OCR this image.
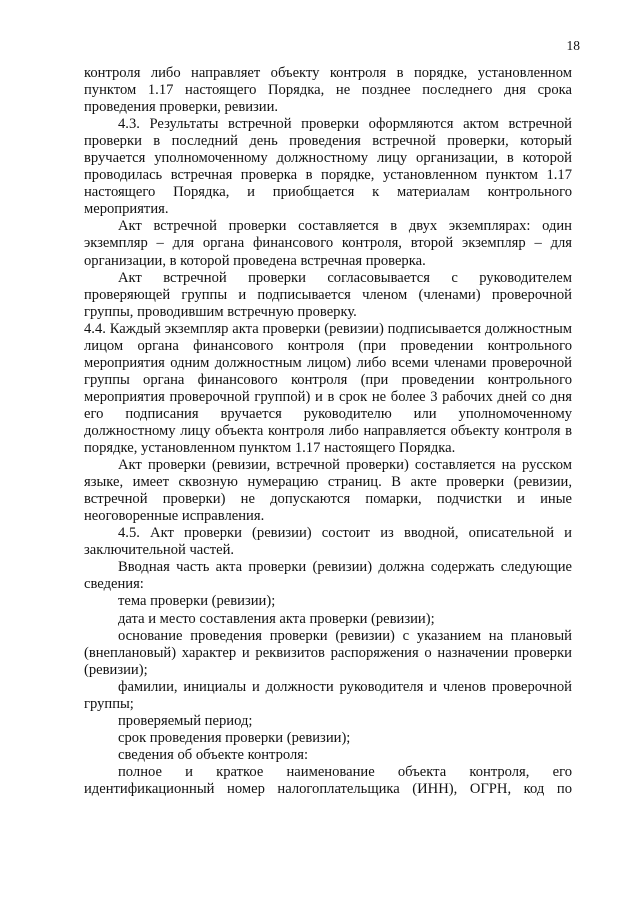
18

контроля либо направляет объекту контроля в порядке, установленном пунктом 1.17 настоящего Порядка, не позднее последнего дня срока проведения проверки, ревизии.

4.3. Результаты встречной проверки оформляются актом встречной проверки в последний день проведения встречной проверки, который вручается уполномоченному должностному лицу организации, в которой проводилась встречная проверка в порядке, установленном пунктом 1.17 настоящего Порядка, и приобщается к материалам контрольного мероприятия.

Акт встречной проверки составляется в двух экземплярах: один экземпляр – для органа финансового контроля, второй экземпляр – для организации, в которой проведена встречная проверка.

Акт встречной проверки согласовывается с руководителем проверяющей группы и подписывается членом (членами) проверочной группы, проводившим встречную проверку.

4.4. Каждый экземпляр акта проверки (ревизии) подписывается должностным лицом органа финансового контроля (при проведении контрольного мероприятия одним должностным лицом) либо всеми членами проверочной группы органа финансового контроля (при проведении контрольного мероприятия проверочной группой) и в срок не более 3 рабочих дней со дня его подписания вручается руководителю или уполномоченному должностному лицу объекта контроля либо направляется объекту контроля в порядке, установленном пунктом 1.17 настоящего Порядка.

Акт проверки (ревизии, встречной проверки) составляется на русском языке, имеет сквозную нумерацию страниц. В акте проверки (ревизии, встречной проверки) не допускаются помарки, подчистки и иные неоговоренные исправления.

4.5. Акт проверки (ревизии) состоит из вводной, описательной и заключительной частей.

Вводная часть акта проверки (ревизии) должна содержать следующие сведения:

тема проверки (ревизии);

дата и место составления акта проверки (ревизии);

основание проведения проверки (ревизии) с указанием на плановый (внеплановый) характер и реквизитов распоряжения о назначении проверки (ревизии);

фамилии, инициалы и должности руководителя и членов проверочной группы;

проверяемый период;

срок проведения проверки (ревизии);

сведения об объекте контроля:

полное и краткое наименование объекта контроля, его идентификационный номер налогоплательщика (ИНН), ОГРН, код по
